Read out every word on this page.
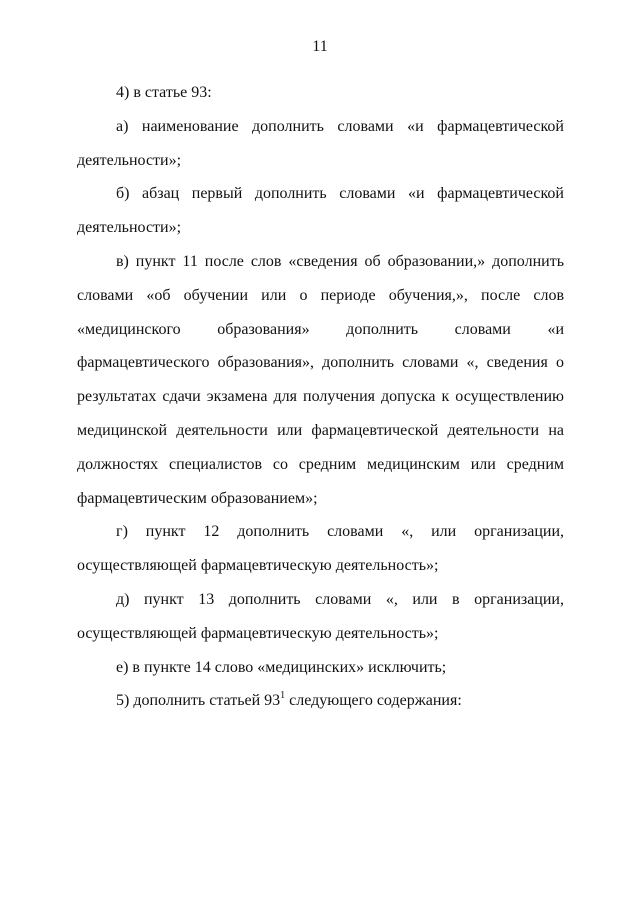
11

4) в статье 93:

а) наименование дополнить словами «и фармацевтической деятельности»;

б) абзац первый дополнить словами «и фармацевтической деятельности»;

в) пункт 11 после слов «сведения об образовании,» дополнить словами «об обучении или о периоде обучения,», после слов «медицинского образования» дополнить словами «и фармацевтического образования», дополнить словами «, сведения о результатах сдачи экзамена для получения допуска к осуществлению медицинской деятельности или фармацевтической деятельности на должностях специалистов со средним медицинским или средним фармацевтическим образованием»;

г) пункт 12 дополнить словами «, или организации, осуществляющей фармацевтическую деятельность»;

д) пункт 13 дополнить словами «, или в организации, осуществляющей фармацевтическую деятельность»;

е) в пункте 14 слово «медицинских» исключить;

5) дополнить статьей $93^1$ следующего содержания:
